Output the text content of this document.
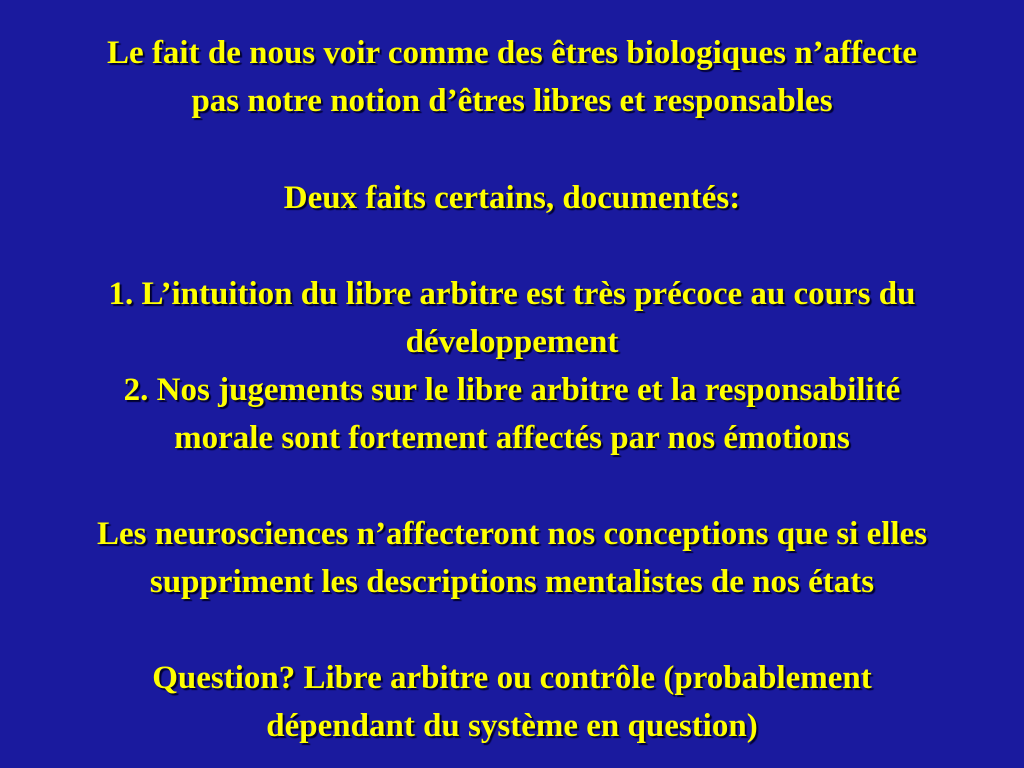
Le fait de nous voir comme des êtres biologiques n’affecte
pas notre notion d’êtres libres et responsables

Deux faits certains, documentés:

1. L’intuition du libre arbitre est très précoce au cours du
développement

2. Nos jugements sur le libre arbitre et la responsabilité
morale sont fortement affectés par nos émotions

Les neurosciences n’affecteront nos conceptions que si elles
suppriment les descriptions mentalistes de nos états

Question? Libre arbitre ou contrôle (probablement
dépendant du système en question)
